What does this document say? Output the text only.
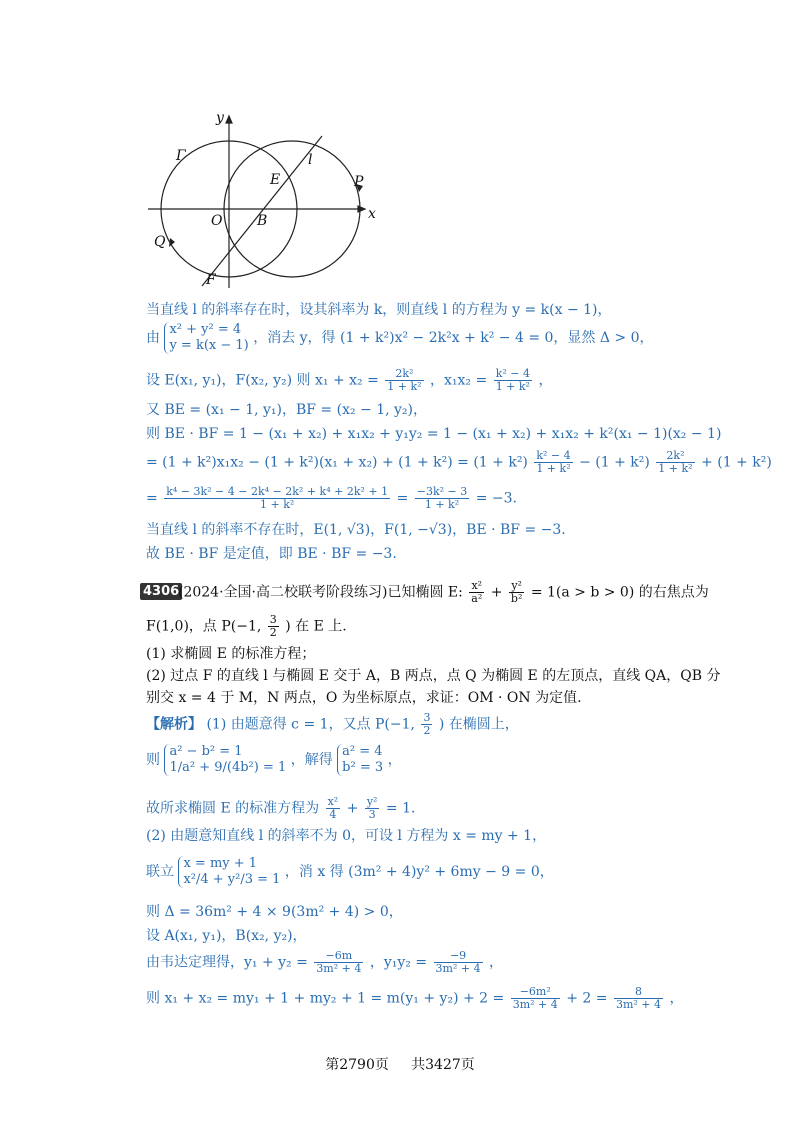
y
x
Γ	l
E	P
O B
Q
F
当直线 l 的斜率存在时，设其斜率为 k，则直线 l 的方程为 y = k(x − 1)，
由
x² + y² = 4
y = k(x − 1) ，消去 y，得 (1 + k²)x² − 2k²x + k² − 4 = 0，显然 Δ > 0，
设 E(x₁, y₁)，F(x₂, y₂) 则 $x_1 + x_2 = \frac{\text{2k²}}{\text{1 + k²}}$ ，$x_1x_2 = \frac{\text{k² − 4}}{\text{1 + k²}}$ ，
又 BE = (x₁ − 1, y₁)，BF = (x₂ − 1, y₂)，
则 BE · BF = 1 − (x₁ + x₂) + x₁x₂ + y₁y₂ = 1 − (x₁ + x₂) + x₁x₂ + k²(x₁ − 1)(x₂ − 1)
= $(1 + k^2)x_1x_2 - (1 + k^2)(x_1 + x_2) + (1 + k^2) = (1 + k^2) \frac{\text{k² − 4}}{\text{1 + k²}} - (1 + k^2) \frac{\text{2k²}}{\text{1 + k²}} + (1 + k^2)$
= $\frac{\text{k⁴ − 3k² − 4 − 2k⁴ − 2k² + k⁴ + 2k² + 1}}{\text{1 + k²}} = \frac{\text{−3k² − 3}}{\text{1 + k²}} = -3$.
当直线 l 的斜率不存在时，E(1, √3)，F(1, −√3)，BE · BF = −3.
故 BE · BF 是定值，即 BE · BF = −3.
4306
(2024·全国·高二校联考阶段练习)已知椭圆 E: $\frac{\text{x²}}{\text{a²}} + \frac{\text{y²}}{\text{b²}} = 1(a > b > 0)$ 的右焦点为
F(1,0)，点 P(−1, $\frac{3}{2}$ ) 在 E 上.
(1) 求椭圆 E 的标准方程；
(2) 过点 F 的直线 l 与椭圆 E 交于 A，B 两点，点 Q 为椭圆 E 的左顶点，直线 QA，QB 分
别交 x = 4 于 M，N 两点，O 为坐标原点，求证：OM · ON 为定值.
【解析】 (1) 由题意得 c = 1，又点 P(−1, $\frac{3}{2}$ ) 在椭圆上，
则
a² − b² = 1
1/a² + 9/(4b²) = 1 ，解得
a² = 4
b² = 3 ，
故所求椭圆 E 的标准方程为 $\frac{\text{x²}}{4} + \frac{\text{y²}}{3} = 1$.
(2) 由题意知直线 l 的斜率不为 0，可设 l 方程为 x = my + 1，
联立
x = my + 1
x²/4 + y²/3 = 1 ，消 x 得 (3m² + 4)y² + 6my − 9 = 0，
则 Δ = 36m² + 4 × 9(3m² + 4) > 0，
设 A(x₁, y₁)，B(x₂, y₂)，
由韦达定理得，$y_1 + y_2 = \frac{-6m}{\text{3m² + 4}}$ ，$y_1y_2 = \frac{-9}{\text{3m² + 4}}$ ，
则 $x_1 + x_2 = my_1 + 1 + my_2 + 1 = m(y_1 + y_2) + 2 = \frac{\text{−6m²}}{\text{3m² + 4}} + 2 = \frac{8}{\text{3m² + 4}}$ ，
第2790页 共3427页
